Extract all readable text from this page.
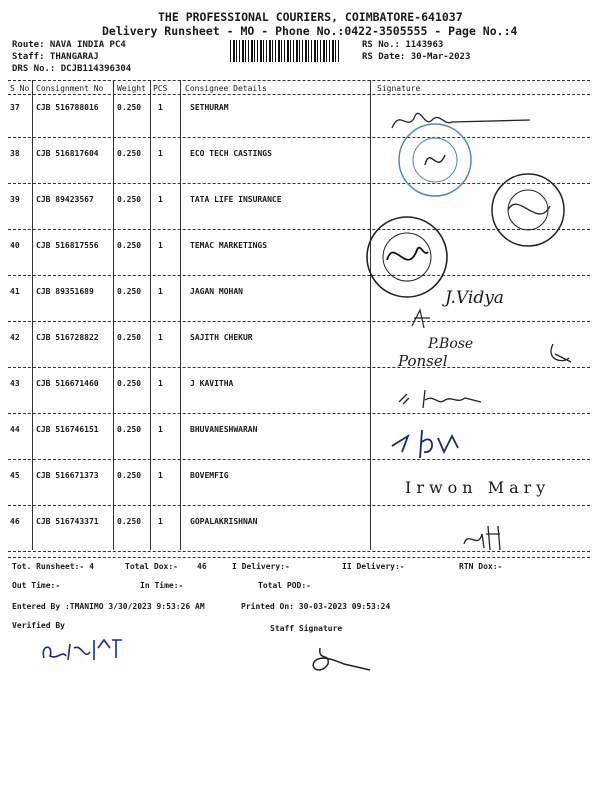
THE PROFESSIONAL COURIERS, COIMBATORE-641037
Delivery Runsheet - MO - Phone No.:0422-3505555 - Page No.:4
Route: NAVA INDIA PC4
Staff: THANGARAJ
DRS No.: DCJB114396304
RS No.: 1143963
RS Date: 30-Mar-2023
S No Consignment No Weight PCS Consignee Details	Signature
37 CJB 516788016 0.250 1	SETHURAM
38 CJB 516817604 0.250 1	ECO TECH CASTINGS
39 CJB 89423567	0.250 1	TATA LIFE INSURANCE
40 CJB 516817556 0.250 1	TEMAC MARKETINGS
41 CJB 89351689	0.250 1	JAGAN MOHAN
42 CJB 516728822 0.250 1	SAJITH CHEKUR
43 CJB 516671460 0.250 1	J KAVITHA
44 CJB 516746151 0.250 1	BHUVANESHWARAN
45 CJB 516671373 0.250 1	BOVEMFIG
46 CJB 516743371 0.250 1	GOPALAKRISHNAN
J.Vidya
P.Bose
Ponsel
Irwon Mary
Tot. Runsheet:- 4	Total Dox:- 46	I Delivery:-	II Delivery:-	RTN Dox:-
Out Time:-	In Time:-	Total POD:-
Entered By :TMANIMO 3/30/2023 9:53:26 AM	Printed On: 30-03-2023 09:53:24
Verified By	Staff Signature
